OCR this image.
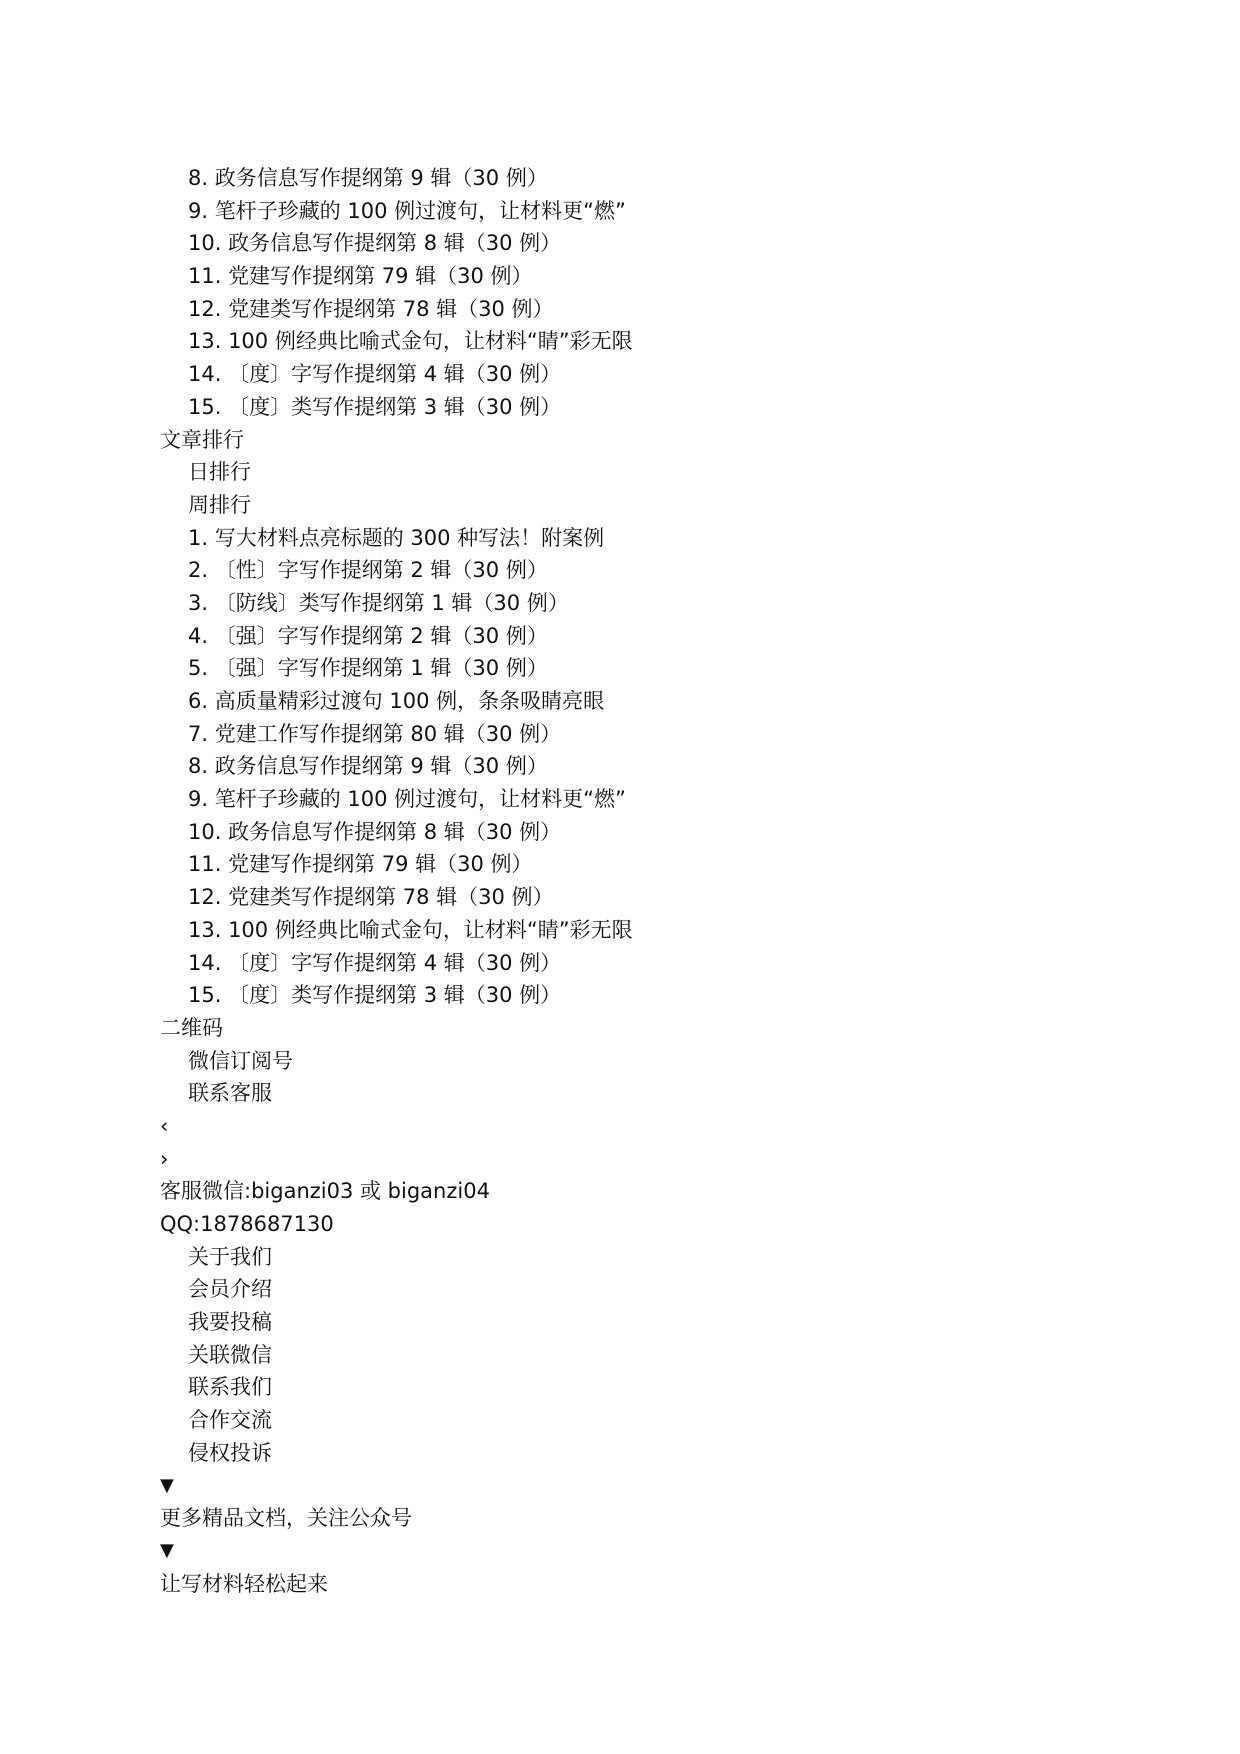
8. 政务信息写作提纲第 9 辑（30 例）
9. 笔杆子珍藏的 100 例过渡句，让材料更“燃”
10. 政务信息写作提纲第 8 辑（30 例）
11. 党建写作提纲第 79 辑（30 例）
12. 党建类写作提纲第 78 辑（30 例）
13. 100 例经典比喻式金句，让材料“睛”彩无限
14. 〔度〕字写作提纲第 4 辑（30 例）
15. 〔度〕类写作提纲第 3 辑（30 例）
文章排行
日排行
周排行
1. 写大材料点亮标题的 300 种写法！附案例
2. 〔性〕字写作提纲第 2 辑（30 例）
3. 〔防线〕类写作提纲第 1 辑（30 例）
4. 〔强〕字写作提纲第 2 辑（30 例）
5. 〔强〕字写作提纲第 1 辑（30 例）
6. 高质量精彩过渡句 100 例，条条吸睛亮眼
7. 党建工作写作提纲第 80 辑（30 例）
8. 政务信息写作提纲第 9 辑（30 例）
9. 笔杆子珍藏的 100 例过渡句，让材料更“燃”
10. 政务信息写作提纲第 8 辑（30 例）
11. 党建写作提纲第 79 辑（30 例）
12. 党建类写作提纲第 78 辑（30 例）
13. 100 例经典比喻式金句，让材料“睛”彩无限
14. 〔度〕字写作提纲第 4 辑（30 例）
15. 〔度〕类写作提纲第 3 辑（30 例）
二维码
微信订阅号
联系客服
‹
›
客服微信:biganzi03 或 biganzi04
QQ:1878687130
关于我们
会员介绍
我要投稿
关联微信
联系我们
合作交流
侵权投诉
▼
更多精品文档，关注公众号
▼
让写材料轻松起来
